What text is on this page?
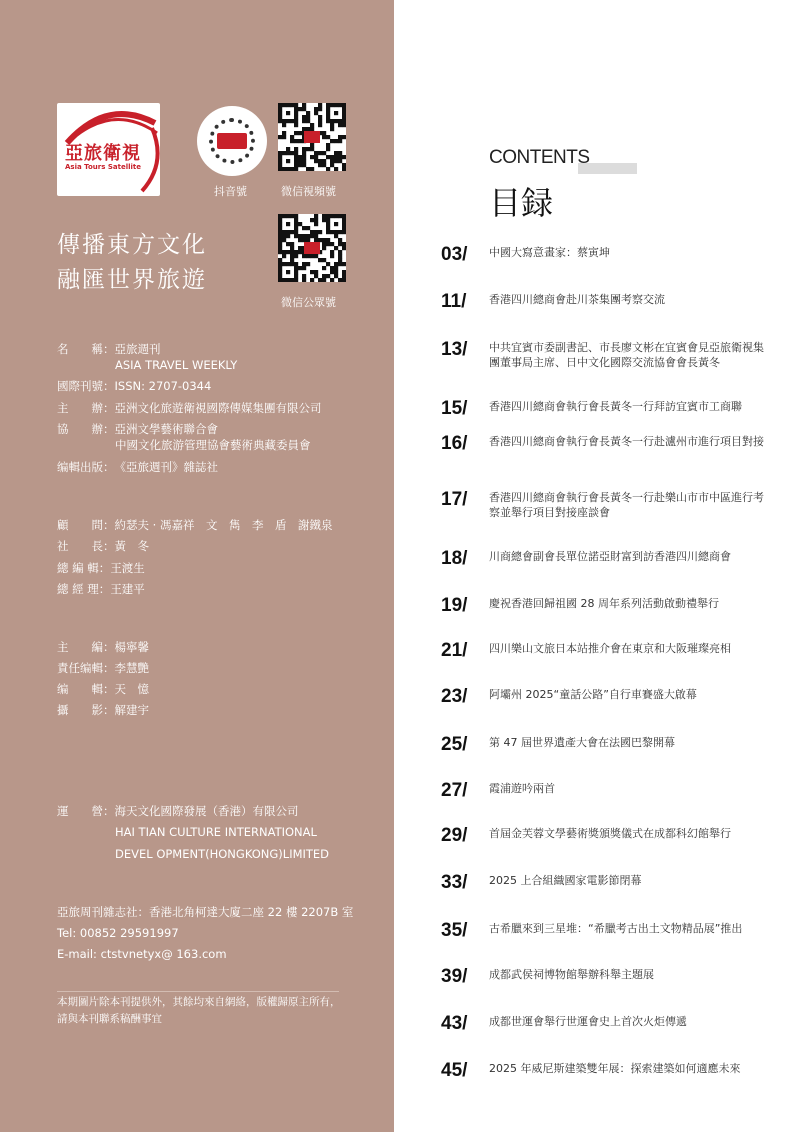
亞旅衛視
Asia Tours Satellite
抖音號	微信視頻號
微信公眾號
傳播東方文化
融匯世界旅遊
名　　稱：亞旅週刊
ASIA TRAVEL WEEKLY
國際刊號：ISSN: 2707-0344
主　　辦：亞洲文化旅遊衛視國際傳媒集團有限公司
協　　辦：亞洲文學藝術聯合會
中國文化旅游管理協會藝術典藏委員會
编輯出版：《亞旅週刊》雜誌社
顧　　問：約瑟夫 · 馮嘉祥　文　雋　李　盾　謝鐵泉
社　　長：黃　冬
總 編 輯：王渡生
總 經 理：王建平
主　　編：楊寧馨
責任编輯：李慧艷
编　　輯：天　憶
攝　　影：解建宇
運　　營：海天文化國際發展（香港）有限公司
HAI TIAN CULTURE INTERNATIONAL
DEVEL OPMENT(HONGKONG)LIMITED
亞旅周刊雜志社：香港北角柯達大廈二座 22 樓 2207B 室
Tel: 00852 29591997
E-mail: ctstvnetyx@ 163.com
本期圖片除本刊提供外，其餘均來自網絡，版權歸原主所有，
請與本刊聯系稿酬事宜
CONTENTS
目録
03/ 中國大寫意畫家：蔡寅坤
11/ 香港四川總商會赴川茶集團考察交流
13/ 中共宜賓市委副書記、市長廖文彬在宜賓會見亞旅衛視集團董事局主席、日中文化國際交流協會會長黃冬
15/ 香港四川總商會執行會長黃冬一行拜訪宜賓市工商聯
16/ 香港四川總商會執行會長黃冬一行赴瀘州市進行項目對接
17/ 香港四川總商會執行會長黃冬一行赴樂山市市中區進行考察並舉行項目對接座談會
18/ 川商總會副會長單位諾亞財富到訪香港四川總商會
19/ 慶祝香港回歸祖國 28 周年系列活動啟動禮舉行
21/ 四川樂山文旅日本站推介會在東京和大阪璀璨亮相
23/ 阿壩州 2025“童話公路”自行車賽盛大啟幕
25/ 第 47 屆世界遺產大會在法國巴黎開幕
27/ 霞浦遊吟兩首
29/ 首屆金芙蓉文學藝術獎頒獎儀式在成都科幻館舉行
33/ 2025 上合組織國家電影節閉幕
35/ 古希臘來到三星堆：“希臘考古出土文物精品展”推出
39/ 成都武侯祠博物館舉辦科舉主題展
43/ 成都世運會舉行世運會史上首次火炬傳遞
45/ 2025 年威尼斯建築雙年展：探索建築如何適應未來
